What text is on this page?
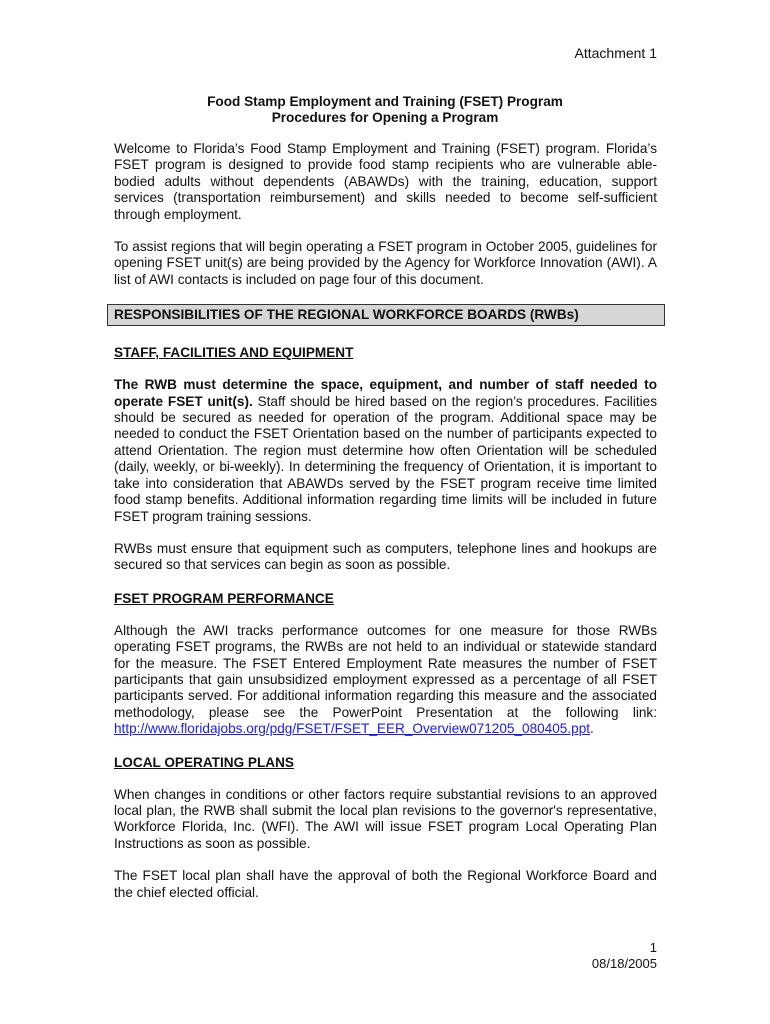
Attachment 1
Food Stamp Employment and Training (FSET) Program
Procedures for Opening a Program

Welcome to Florida’s Food Stamp Employment and Training (FSET) program. Florida’s FSET program is designed to provide food stamp recipients who are vulnerable able-bodied adults without dependents (ABAWDs) with the training, education, support services (transportation reimbursement) and skills needed to become self-sufficient through employment.

To assist regions that will begin operating a FSET program in October 2005, guidelines for opening FSET unit(s) are being provided by the Agency for Workforce Innovation (AWI). A list of AWI contacts is included on page four of this document.

RESPONSIBILITIES OF THE REGIONAL WORKFORCE BOARDS (RWBs)
STAFF, FACILITIES AND EQUIPMENT

The RWB must determine the space, equipment, and number of staff needed to operate FSET unit(s). Staff should be hired based on the region’s procedures. Facilities should be secured as needed for operation of the program. Additional space may be needed to conduct the FSET Orientation based on the number of participants expected to attend Orientation. The region must determine how often Orientation will be scheduled (daily, weekly, or bi-weekly). In determining the frequency of Orientation, it is important to take into consideration that ABAWDs served by the FSET program receive time limited food stamp benefits. Additional information regarding time limits will be included in future FSET program training sessions.

RWBs must ensure that equipment such as computers, telephone lines and hookups are secured so that services can begin as soon as possible.

FSET PROGRAM PERFORMANCE

Although the AWI tracks performance outcomes for one measure for those RWBs operating FSET programs, the RWBs are not held to an individual or statewide standard for the measure. The FSET Entered Employment Rate measures the number of FSET participants that gain unsubsidized employment expressed as a percentage of all FSET participants served. For additional information regarding this measure and the associated methodology, please see the PowerPoint Presentation at the following link: http://www.floridajobs.org/pdg/FSET/FSET_EER_Overview071205_080405.ppt.

LOCAL OPERATING PLANS

When changes in conditions or other factors require substantial revisions to an approved local plan, the RWB shall submit the local plan revisions to the governor's representative, Workforce Florida, Inc. (WFI). The AWI will issue FSET program Local Operating Plan Instructions as soon as possible.

The FSET local plan shall have the approval of both the Regional Workforce Board and the chief elected official.

1
08/18/2005
